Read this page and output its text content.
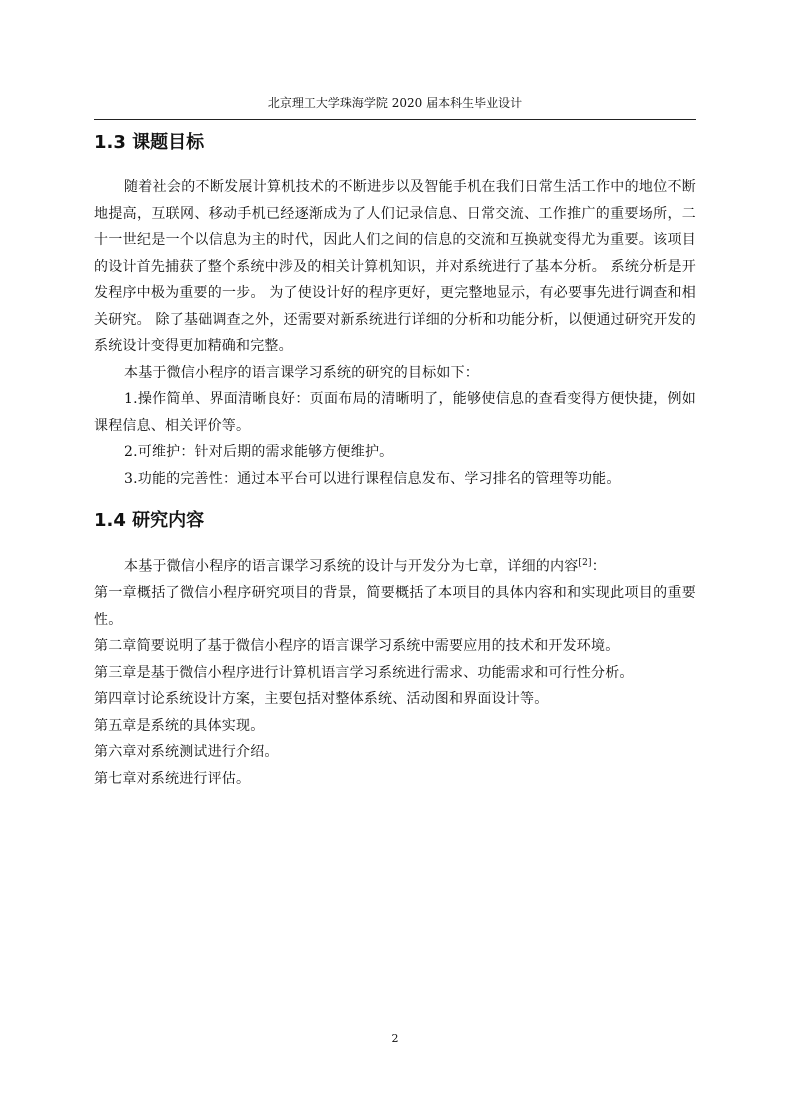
北京理工大学珠海学院 2020 届本科生毕业设计
1.3 课题目标

随着社会的不断发展计算机技术的不断进步以及智能手机在我们日常生活工作中的地位不断地提高，互联网、移动手机已经逐渐成为了人们记录信息、日常交流、工作推广的重要场所，二十一世纪是一个以信息为主的时代，因此人们之间的信息的交流和互换就变得尤为重要。该项目的设计首先捕获了整个系统中涉及的相关计算机知识，并对系统进行了基本分析。 系统分析是开发程序中极为重要的一步。 为了使设计好的程序更好，更完整地显示，有必要事先进行调查和相关研究。 除了基础调查之外，还需要对新系统进行详细的分析和功能分析，以便通过研究开发的系统设计变得更加精确和完整。

本基于微信小程序的语言课学习系统的研究的目标如下：

1.操作简单、界面清晰良好：页面布局的清晰明了，能够使信息的查看变得方便快捷，例如课程信息、相关评价等。

2.可维护：针对后期的需求能够方便维护。

3.功能的完善性：通过本平台可以进行课程信息发布、学习排名的管理等功能。

1.4 研究内容

本基于微信小程序的语言课学习系统的设计与开发分为七章，详细的内容[2]：

第一章概括了微信小程序研究项目的背景，简要概括了本项目的具体内容和和实现此项目的重要性。

第二章简要说明了基于微信小程序的语言课学习系统中需要应用的技术和开发环境。

第三章是基于微信小程序进行计算机语言学习系统进行需求、功能需求和可行性分析。

第四章讨论系统设计方案，主要包括对整体系统、活动图和界面设计等。

第五章是系统的具体实现。

第六章对系统测试进行介绍。

第七章对系统进行评估。

2
